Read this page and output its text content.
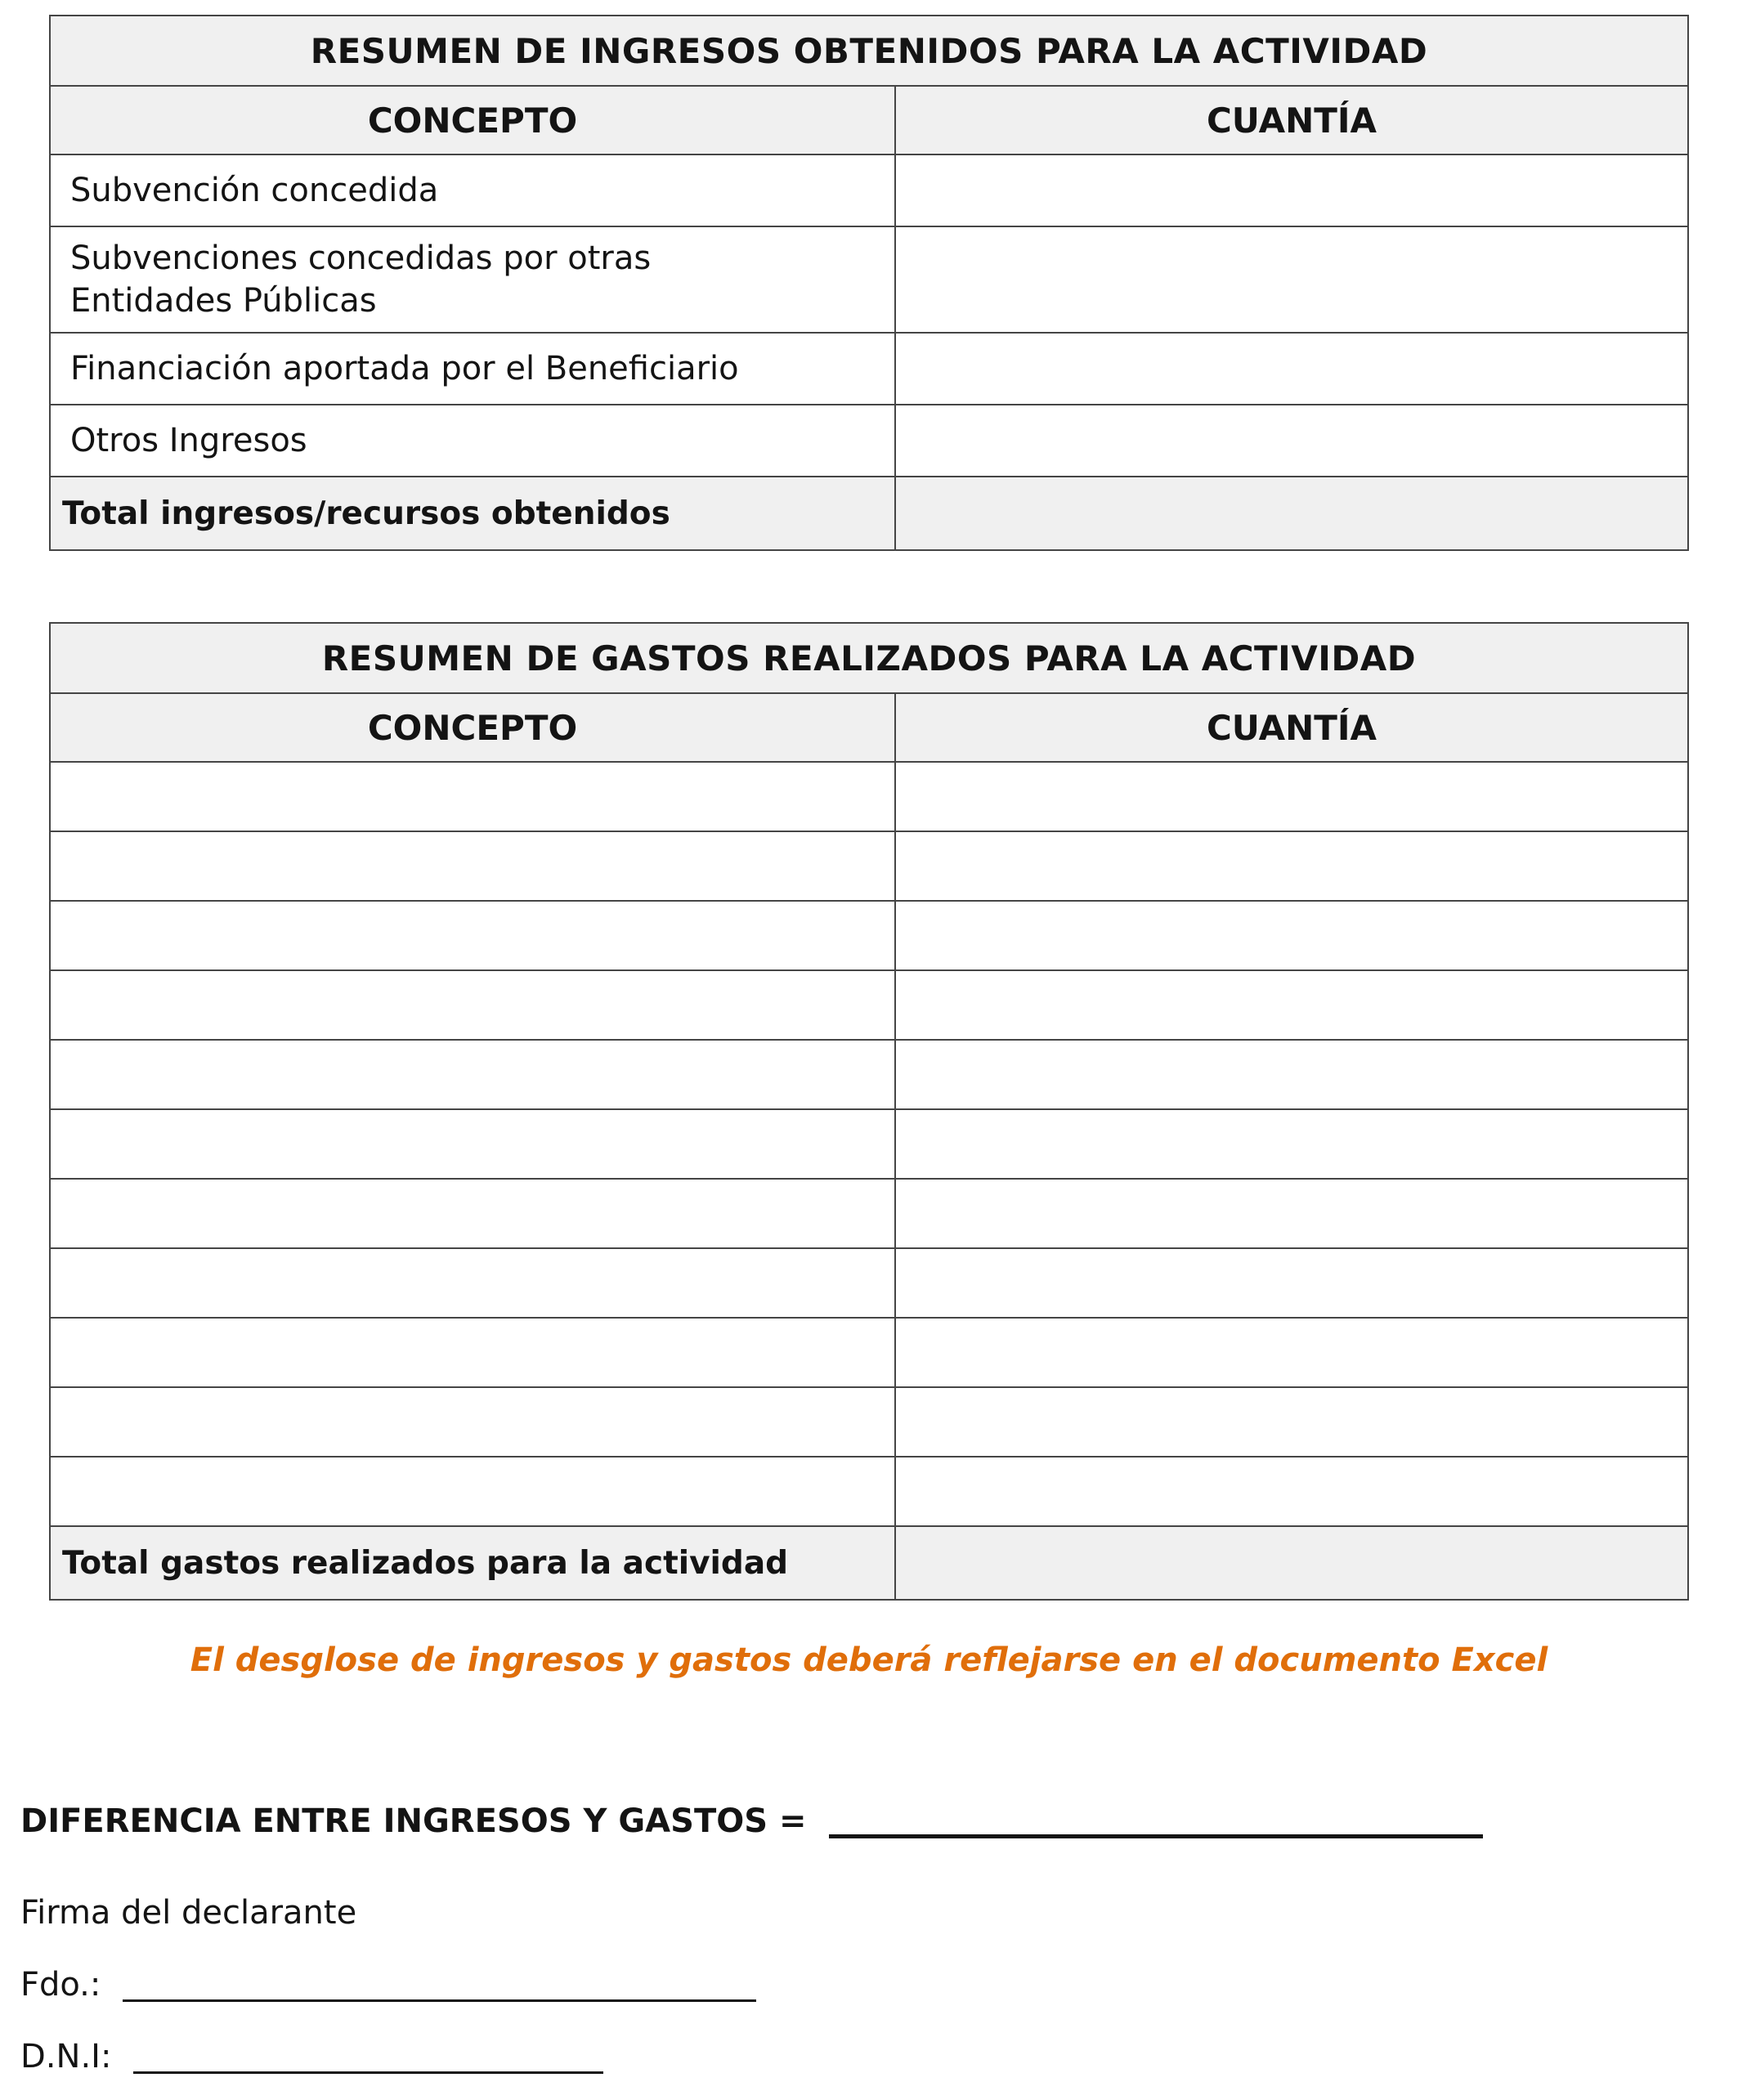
RESUMEN DE INGRESOS OBTENIDOS PARA LA ACTIVIDAD	
CONCEPTO	CUANTÍA
Subvención concedida	
Subvenciones concedidas por otras Entidades Públicas	
Financiación aportada por el Beneficiario	
Otros Ingresos	
Total ingresos/recursos obtenidos	
RESUMEN DE GASTOS REALIZADOS PARA LA ACTIVIDAD	
CONCEPTO	CUANTÍA

Total gastos realizados para la actividad	
El desglose de ingresos y gastos deberá reflejarse en el documento Excel
DIFERENCIA ENTRE INGRESOS Y GASTOS =
Firma del declarante
Fdo.:
D.N.I:
